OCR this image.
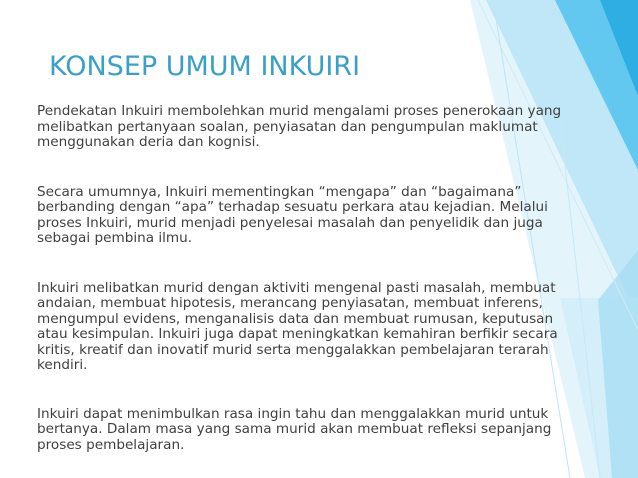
KONSEP UMUM INKUIRI

Pendekatan Inkuiri membolehkan murid mengalami proses penerokaan yang
melibatkan pertanyaan soalan, penyiasatan dan pengumpulan maklumat
menggunakan deria dan kognisi.

Secara umumnya, Inkuiri mementingkan “mengapa” dan “bagaimana”
berbanding dengan “apa” terhadap sesuatu perkara atau kejadian. Melalui
proses Inkuiri, murid menjadi penyelesai masalah dan penyelidik dan juga
sebagai pembina ilmu.

Inkuiri melibatkan murid dengan aktiviti mengenal pasti masalah, membuat
andaian, membuat hipotesis, merancang penyiasatan, membuat inferens,
mengumpul evidens, menganalisis data dan membuat rumusan, keputusan
atau kesimpulan. Inkuiri juga dapat meningkatkan kemahiran berfikir secara
kritis, kreatif dan inovatif murid serta menggalakkan pembelajaran terarah
kendiri.

Inkuiri dapat menimbulkan rasa ingin tahu dan menggalakkan murid untuk
bertanya. Dalam masa yang sama murid akan membuat refleksi sepanjang
proses pembelajaran.
